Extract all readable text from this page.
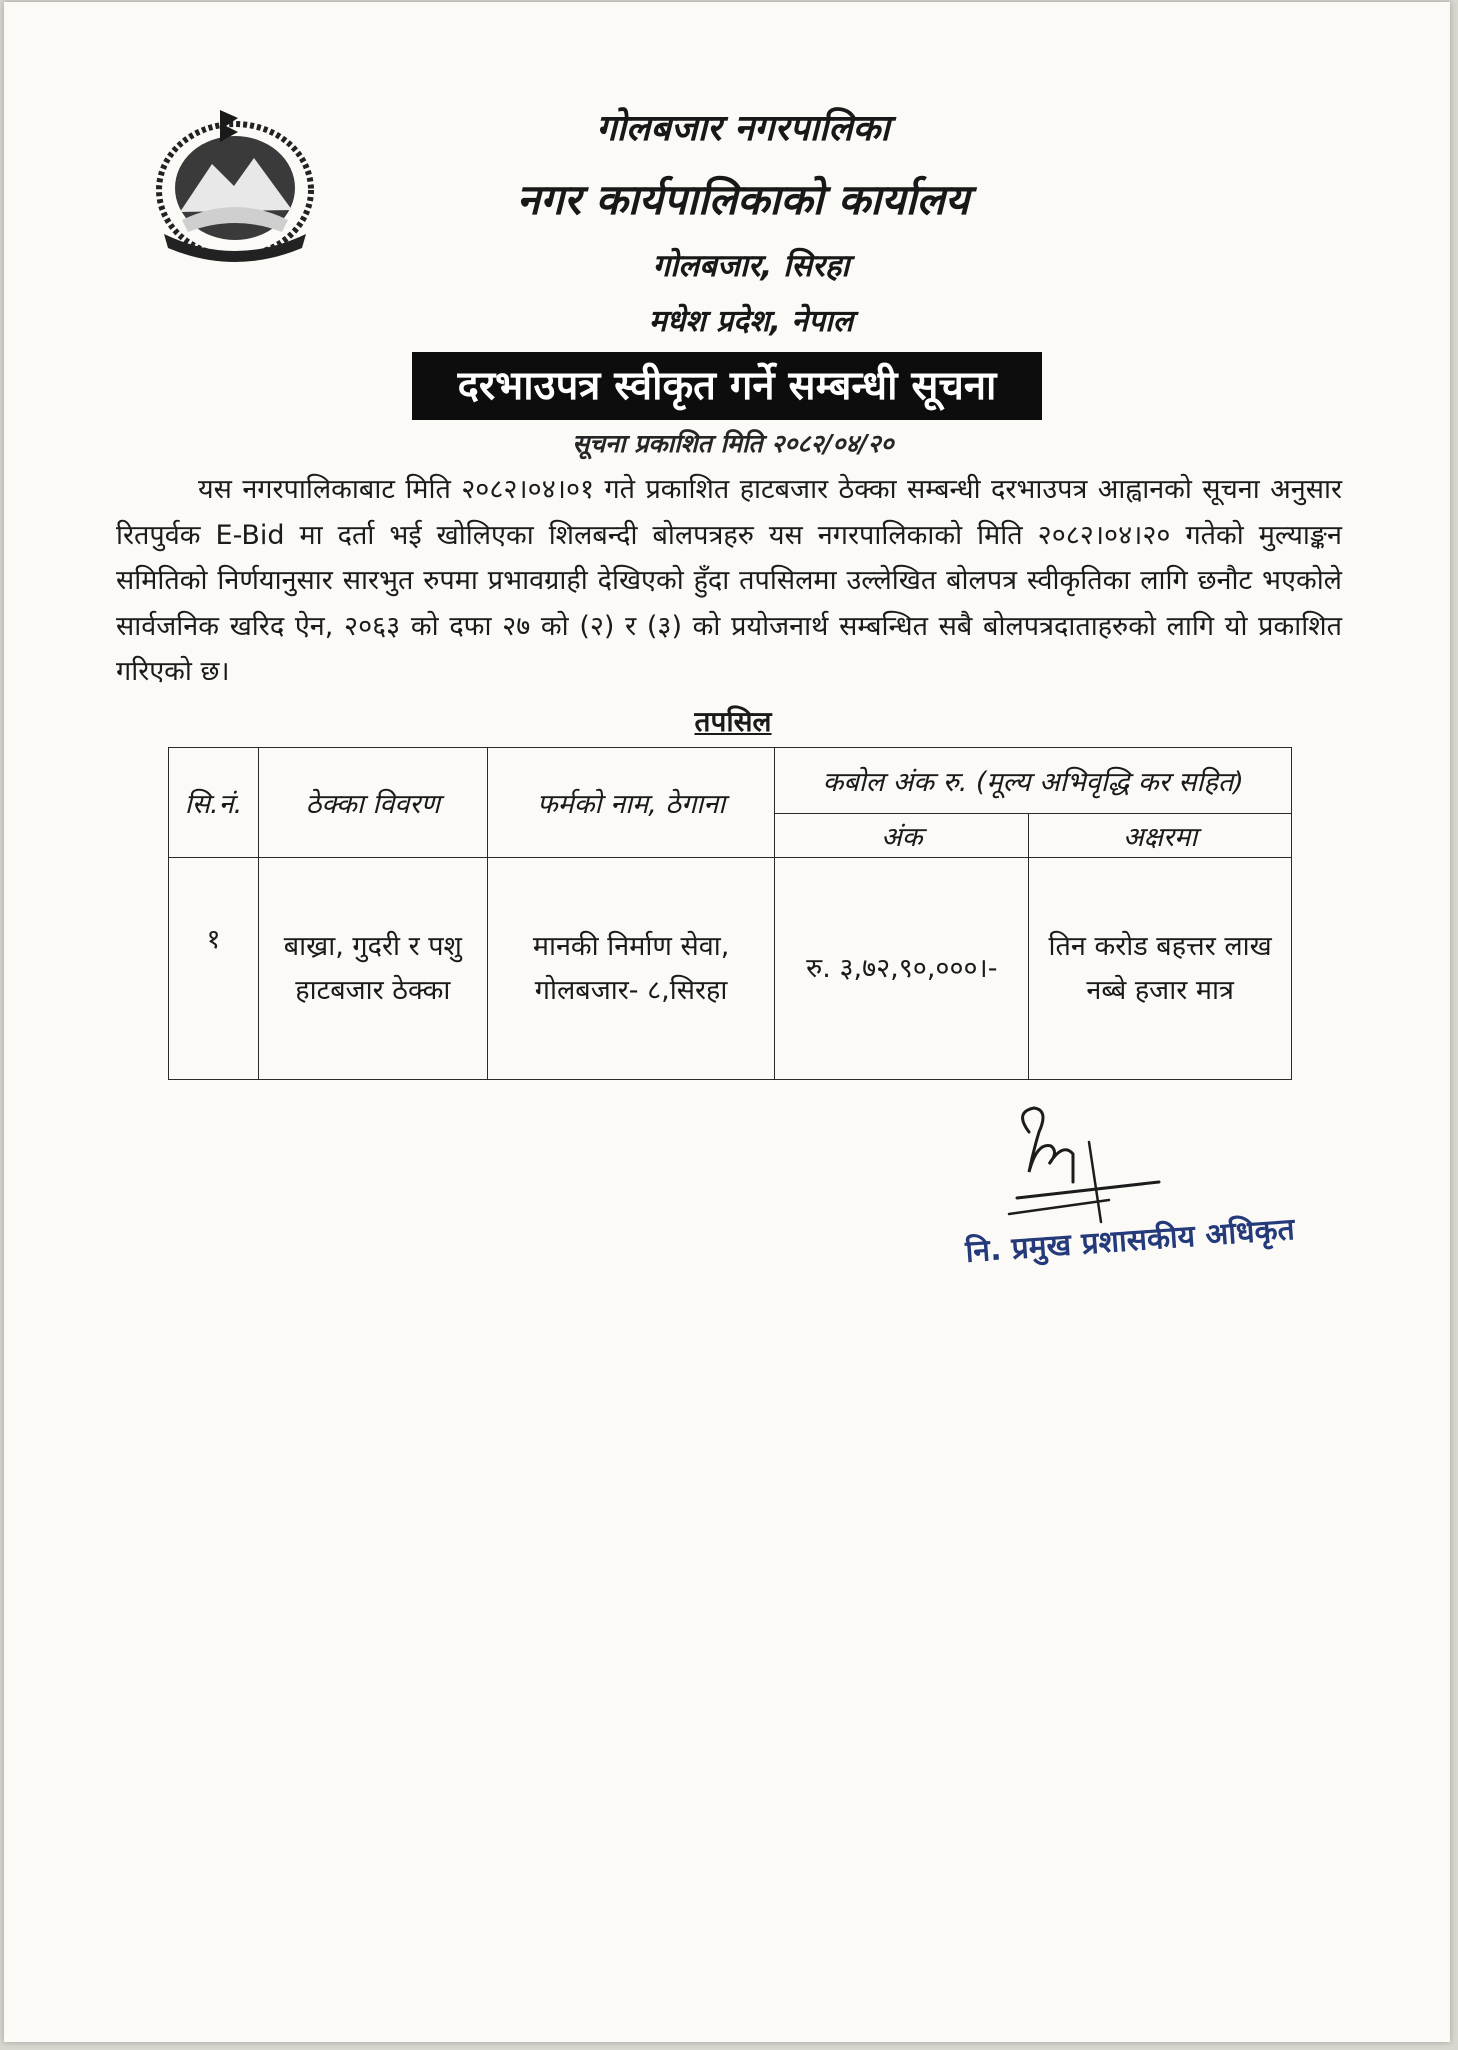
गोलबजार नगरपालिका
नगर कार्यपालिकाको कार्यालय
गोलबजार, सिरहा
मधेश प्रदेश, नेपाल
दरभाउपत्र स्वीकृत गर्ने सम्बन्धी सूचना
सूचना प्रकाशित मिति २०८२/०४/२०
यस नगरपालिकाबाट मिति २०८२।०४।०१ गते प्रकाशित हाटबजार ठेक्का सम्बन्धी दरभाउपत्र आह्वानको सूचना अनुसार रितपुर्वक E-Bid मा दर्ता भई खोलिएका शिलबन्दी बोलपत्रहरु यस नगरपालिकाको मिति २०८२।०४।२० गतेको मुल्याङ्कन समितिको निर्णयानुसार सारभुत रुपमा प्रभावग्राही देखिएको हुँदा तपसिलमा उल्लेखित बोलपत्र स्वीकृतिका लागि छनौट भएकोले सार्वजनिक खरिद ऐन, २०६३ को दफा २७ को (२) र (३) को प्रयोजनार्थ सम्बन्धित सबै बोलपत्रदाताहरुको लागि यो प्रकाशित गरिएको छ।
तपसिल
सि.नं.	ठेक्का विवरण	फर्मको नाम, ठेगाना	कबोल अंक रु. (मूल्य अभिवृद्धि कर सहित)	
			अंक	अक्षरमा
१	बाख्रा, गुदरी र पशु हाटबजार ठेक्का	मानकी निर्माण सेवा, गोलबजार- ८,सिरहा	रु. ३,७२,९०,०००।-	तिन करोड बहत्तर लाख नब्बे हजार मात्र
नि. प्रमुख प्रशासकीय अधिकृत
